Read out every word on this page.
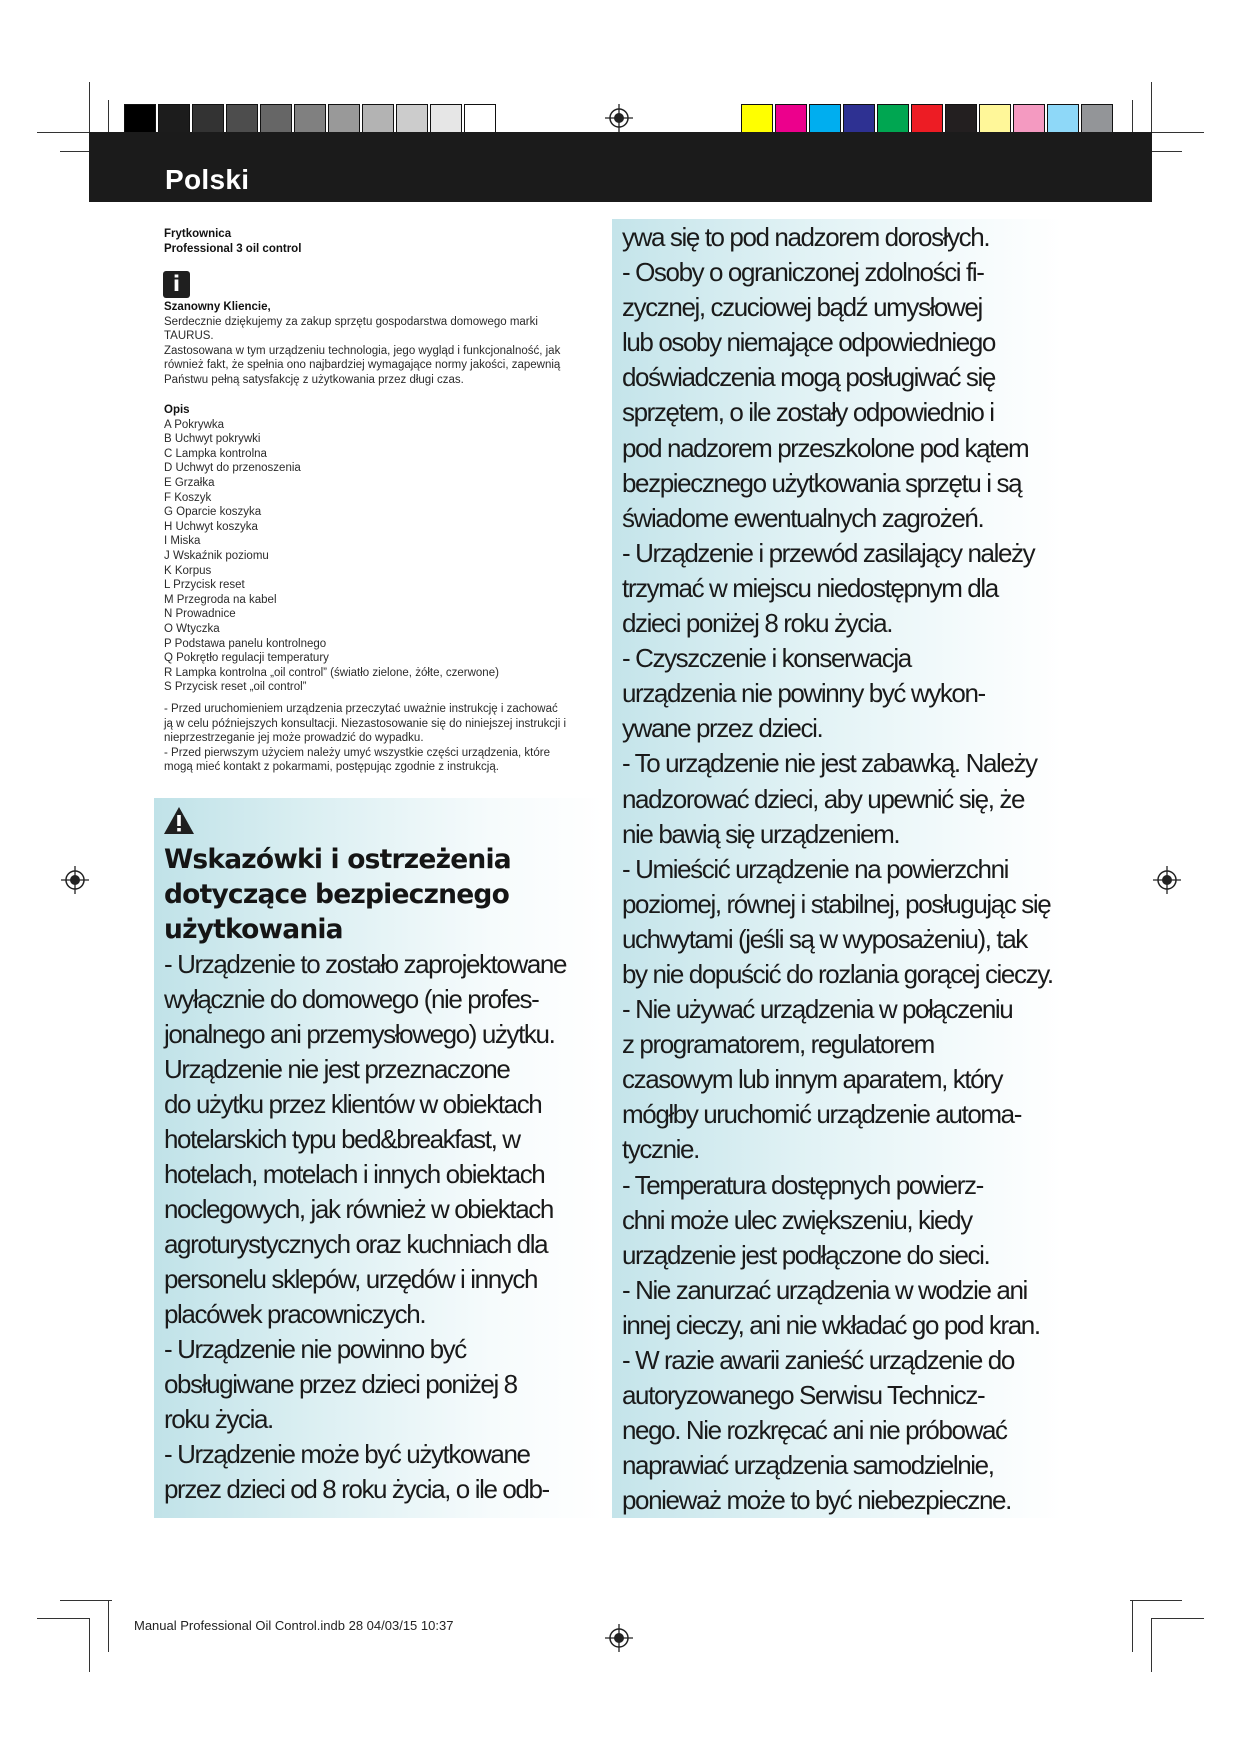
Polski
Frytkownica
Professional 3 oil control
i
Szanowny Kliencie,
Serdecznie dziękujemy za zakup sprzętu gospodarstwa domowego marki
TAURUS.
Zastosowana w tym urządzeniu technologia, jego wygląd i funkcjonalność, jak
również fakt, że spełnia ono najbardziej wymagające normy jakości, zapewnią
Państwu pełną satysfakcję z użytkowania przez długi czas.
Opis
A Pokrywka
B Uchwyt pokrywki
C Lampka kontrolna
D Uchwyt do przenoszenia
E Grzałka
F Koszyk
G Oparcie koszyka
H Uchwyt koszyka
I Miska
J Wskaźnik poziomu
K Korpus
L Przycisk reset
M Przegroda na kabel
N Prowadnice
O Wtyczka
P Podstawa panelu kontrolnego
Q Pokrętło regulacji temperatury
R Lampka kontrolna „oil control” (światło zielone, żółte, czerwone)
S Przycisk reset „oil control”
- Przed uruchomieniem urządzenia przeczytać uważnie instrukcję i zachować
ją w celu późniejszych konsultacji. Niezastosowanie się do niniejszej instrukcji i
nieprzestrzeganie jej może prowadzić do wypadku.
- Przed pierwszym użyciem należy umyć wszystkie części urządzenia, które
mogą mieć kontakt z pokarmami, postępując zgodnie z instrukcją.
Wskazówki i ostrzeżenia
dotyczące bezpiecznego
użytkowania
- Urządzenie to zostało zaprojektowane
wyłącznie do domowego (nie profes-
jonalnego ani przemysłowego) użytku.
Urządzenie nie jest przeznaczone
do użytku przez klientów w obiektach
hotelarskich typu bed&breakfast, w
hotelach, motelach i innych obiektach
noclegowych, jak również w obiektach
agroturystycznych oraz kuchniach dla
personelu sklepów, urzędów i innych
placówek pracowniczych.
- Urządzenie nie powinno być
obsługiwane przez dzieci poniżej 8
roku życia.
- Urządzenie może być użytkowane
przez dzieci od 8 roku życia, o ile odb-
ywa się to pod nadzorem dorosłych.
- Osoby o ograniczonej zdolności fi-
zycznej, czuciowej bądź umysłowej
lub osoby niemające odpowiedniego
doświadczenia mogą posługiwać się
sprzętem, o ile zostały odpowiednio i
pod nadzorem przeszkolone pod kątem
bezpiecznego użytkowania sprzętu i są
świadome ewentualnych zagrożeń.
- Urządzenie i przewód zasilający należy
trzymać w miejscu niedostępnym dla
dzieci poniżej 8 roku życia.
- Czyszczenie i konserwacja
urządzenia nie powinny być wykon-
ywane przez dzieci.
- To urządzenie nie jest zabawką. Należy
nadzorować dzieci, aby upewnić się, że
nie bawią się urządzeniem.
- Umieścić urządzenie na powierzchni
poziomej, równej i stabilnej, posługując się
uchwytami (jeśli są w wyposażeniu), tak
by nie dopuścić do rozlania gorącej cieczy.
- Nie używać urządzenia w połączeniu
z programatorem, regulatorem
czasowym lub innym aparatem, który
mógłby uruchomić urządzenie automa-
tycznie.
- Temperatura dostępnych powierz-
chni może ulec zwiększeniu, kiedy
urządzenie jest podłączone do sieci.
- Nie zanurzać urządzenia w wodzie ani
innej cieczy, ani nie wkładać go pod kran.
- W razie awarii zanieść urządzenie do
autoryzowanego Serwisu Technicz-
nego. Nie rozkręcać ani nie próbować
naprawiać urządzenia samodzielnie,
ponieważ może to być niebezpieczne.
Manual Professional Oil Control.indb 28 04/03/15 10:37
